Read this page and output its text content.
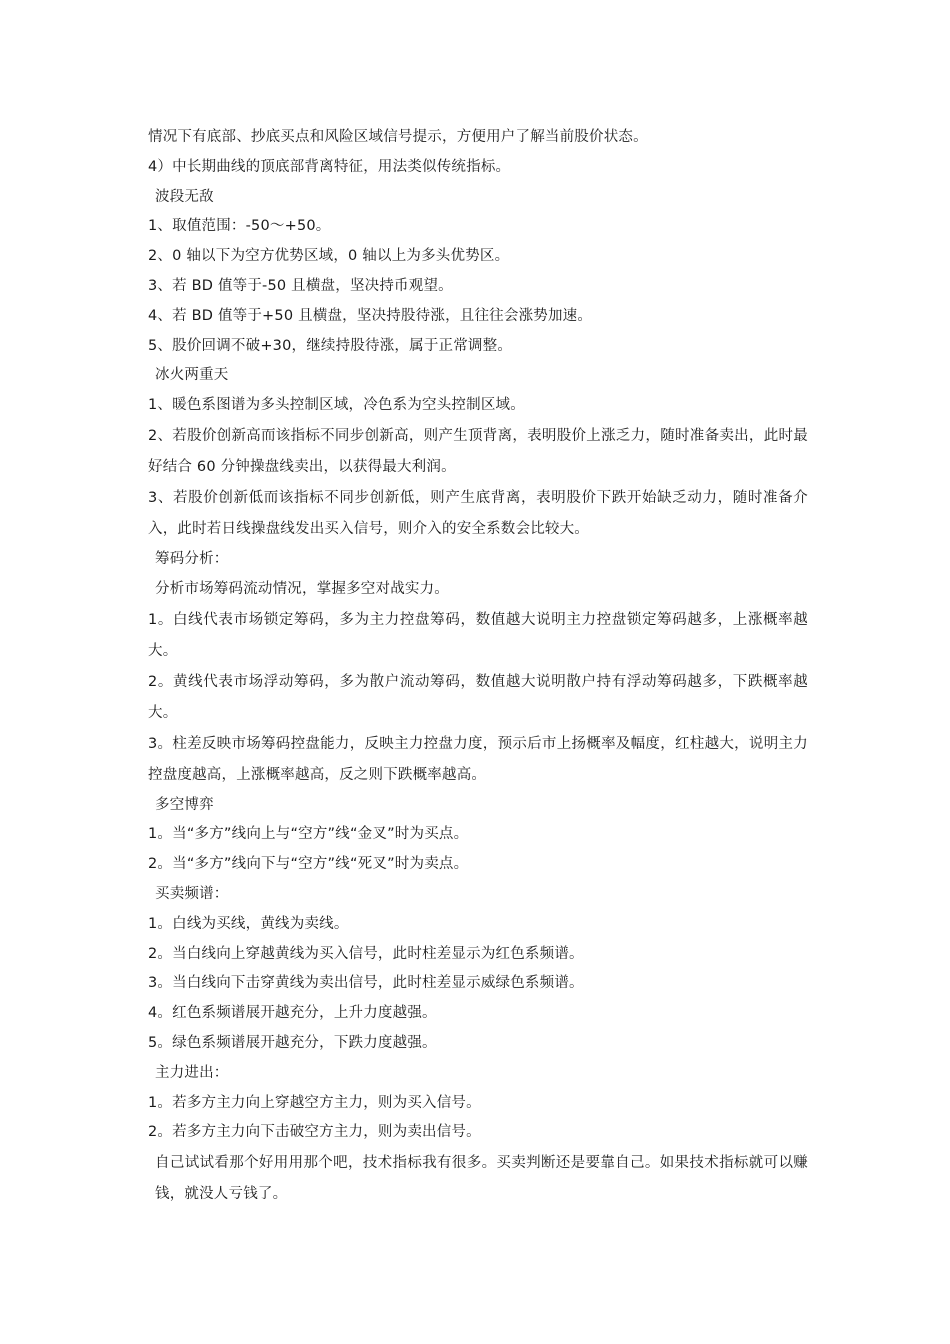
情况下有底部、抄底买点和风险区域信号提示，方便用户了解当前股价状态。
4）中长期曲线的顶底部背离特征，用法类似传统指标。
波段无敌
1、取值范围：-50～+50。
2、0 轴以下为空方优势区域，0 轴以上为多头优势区。
3、若 BD 值等于-50 且横盘，坚决持币观望。
4、若 BD 值等于+50 且横盘，坚决持股待涨，且往往会涨势加速。
5、股价回调不破+30，继续持股待涨，属于正常调整。
冰火两重天
1、暖色系图谱为多头控制区域，冷色系为空头控制区域。
2、若股价创新高而该指标不同步创新高，则产生顶背离，表明股价上涨乏力，随时准备卖出，此时最好结合 60 分钟操盘线卖出，以获得最大利润。
3、若股价创新低而该指标不同步创新低，则产生底背离，表明股价下跌开始缺乏动力，随时准备介入，此时若日线操盘线发出买入信号，则介入的安全系数会比较大。
筹码分析：
分析市场筹码流动情况，掌握多空对战实力。
1。白线代表市场锁定筹码，多为主力控盘筹码，数值越大说明主力控盘锁定筹码越多，上涨概率越大。
2。黄线代表市场浮动筹码，多为散户流动筹码，数值越大说明散户持有浮动筹码越多，下跌概率越大。
3。柱差反映市场筹码控盘能力，反映主力控盘力度，预示后市上扬概率及幅度，红柱越大，说明主力控盘度越高，上涨概率越高，反之则下跌概率越高。
多空博弈
1。当“多方”线向上与“空方”线“金叉”时为买点。
2。当“多方”线向下与“空方”线“死叉”时为卖点。
买卖频谱：
1。白线为买线，黄线为卖线。
2。当白线向上穿越黄线为买入信号，此时柱差显示为红色系频谱。
3。当白线向下击穿黄线为卖出信号，此时柱差显示威绿色系频谱。
4。红色系频谱展开越充分，上升力度越强。
5。绿色系频谱展开越充分，下跌力度越强。
主力进出：
1。若多方主力向上穿越空方主力，则为买入信号。
2。若多方主力向下击破空方主力，则为卖出信号。
自己试试看那个好用用那个吧，技术指标我有很多。买卖判断还是要靠自己。如果技术指标就可以赚钱，就没人亏钱了。
